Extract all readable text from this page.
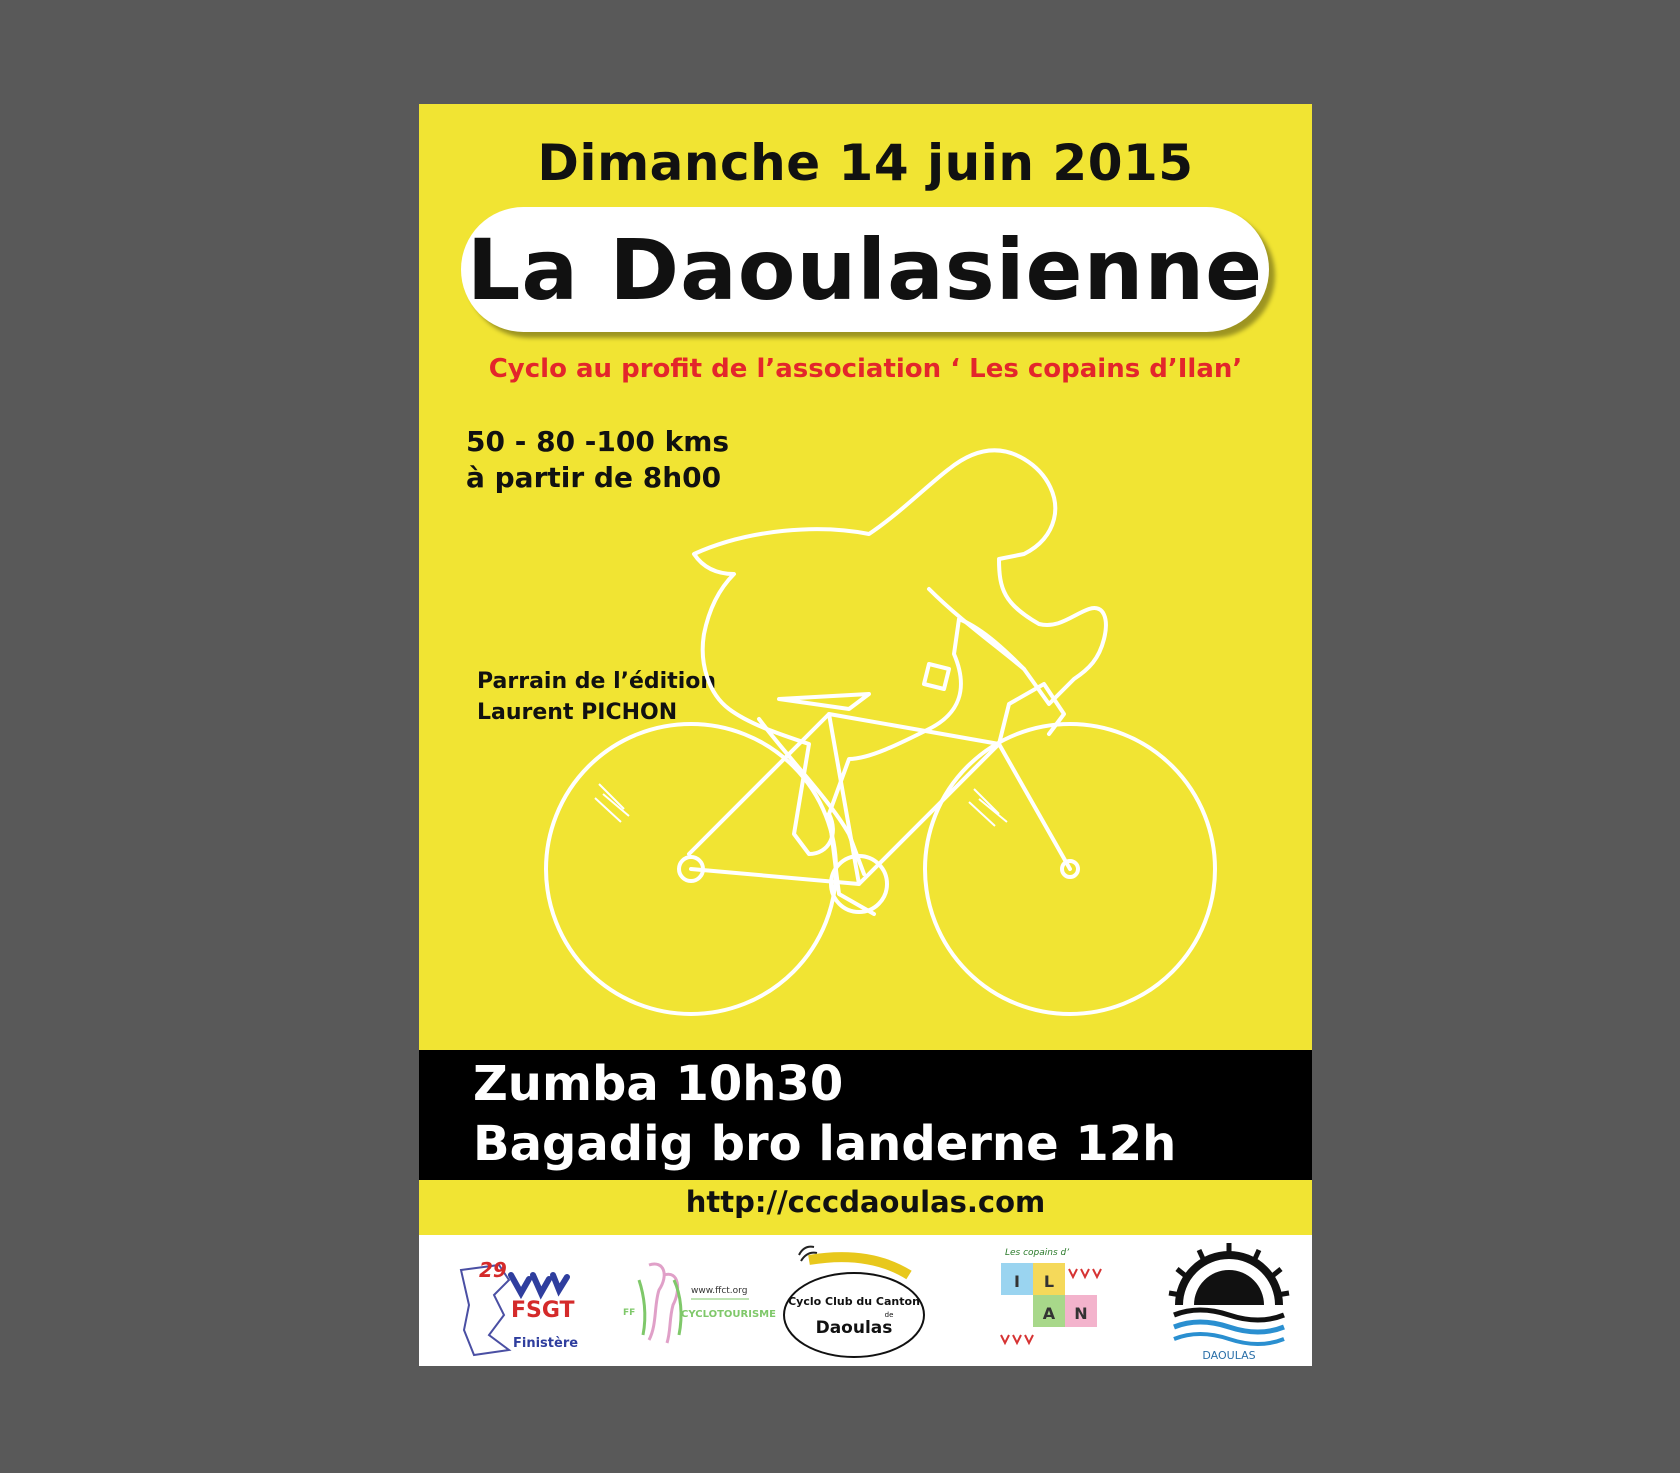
Dimanche 14 juin 2015
La Daoulasienne
Cyclo au profit de l’association ‘ Les copains d’Ilan’
50 - 80 -100 kms
à partir de 8h00
Parrain de l’édition
Laurent PICHON
Zumba 10h30
Bagadig bro landerne 12h
http://cccdaoulas.com
29
FSGT
Finistère
FF
www.ffct.org
CYCLOTOURISME
Cyclo Club du Canton
de
Daoulas
Les copains d’
I L
A N
DAOULAS
